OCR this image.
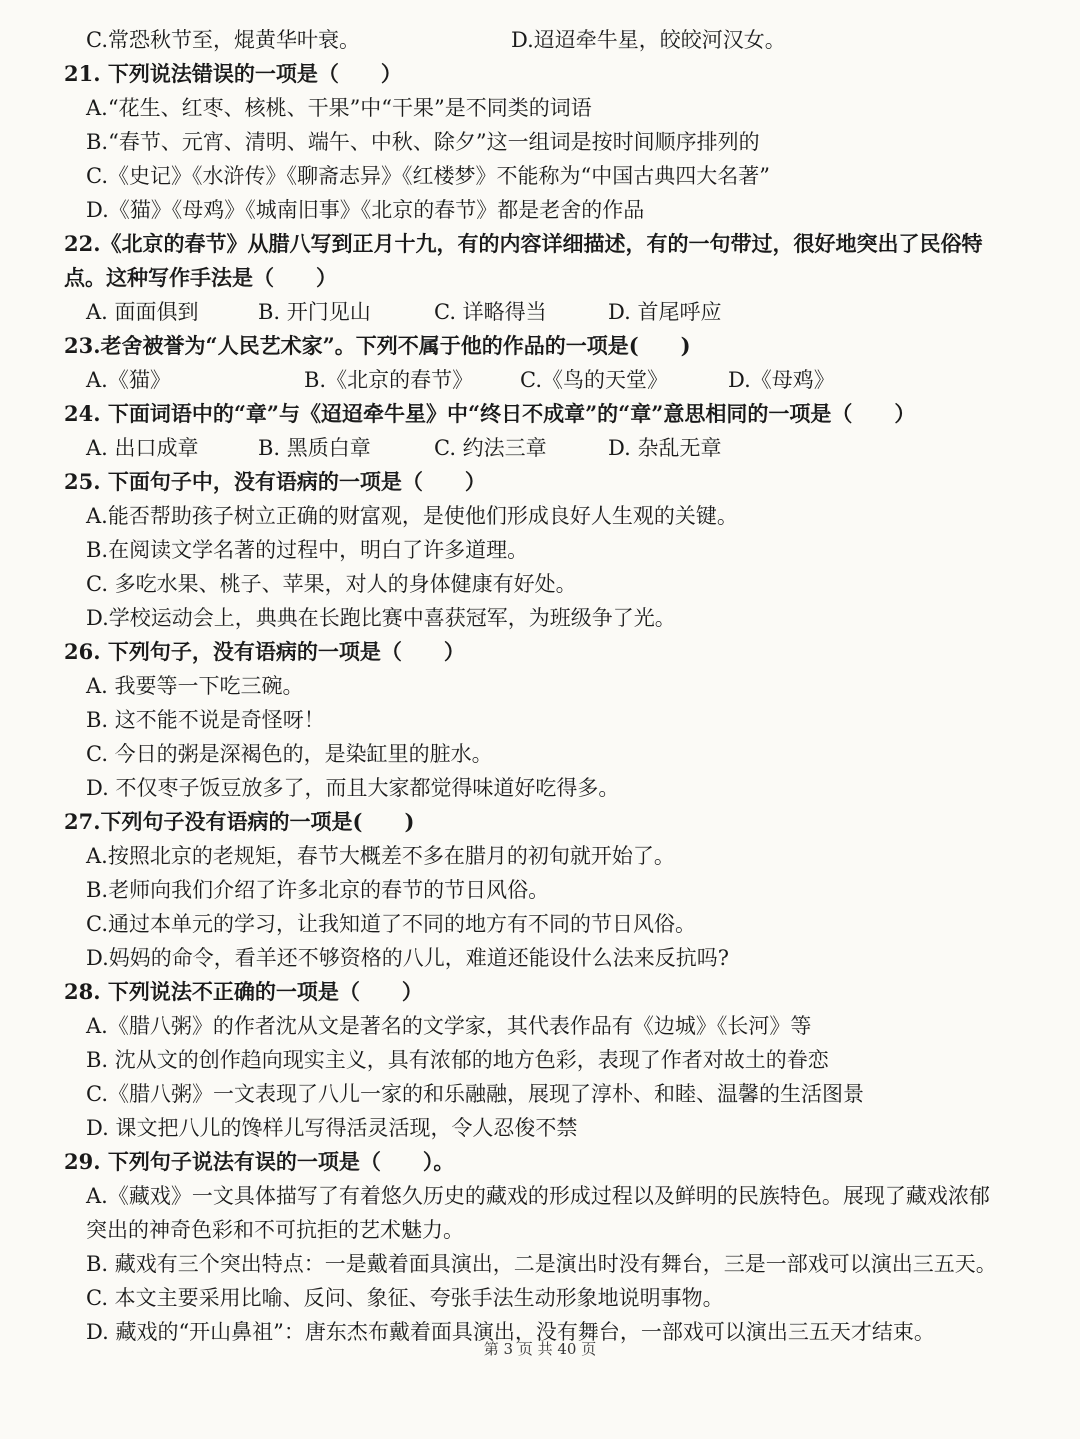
C.常恐秋节至，焜黄华叶衰。	D.迢迢牵牛星，皎皎河汉女。
21. 下列说法错误的一项是（　　）
A.“花生、红枣、核桃、干果”中“干果”是不同类的词语
B.“春节、元宵、清明、端午、中秋、除夕”这一组词是按时间顺序排列的
C.《史记》《水浒传》《聊斋志异》《红楼梦》不能称为“中国古典四大名著”
D.《猫》《母鸡》《城南旧事》《北京的春节》都是老舍的作品
22.《北京的春节》从腊八写到正月十九，有的内容详细描述，有的一句带过，很好地突出了民俗特
点。这种写作手法是（　　）
A. 面面俱到	B. 开门见山	C. 详略得当	D. 首尾呼应
23.老舍被誉为“人民艺术家”。下列不属于他的作品的一项是(　　)
A.《猫》	B.《北京的春节》 C.《鸟的天堂》	D.《母鸡》
24. 下面词语中的“章”与《迢迢牵牛星》中“终日不成章”的“章”意思相同的一项是（　　）
A. 出口成章	B. 黑质白章	C. 约法三章	D. 杂乱无章
25. 下面句子中，没有语病的一项是（　　）
A.能否帮助孩子树立正确的财富观，是使他们形成良好人生观的关键。
B.在阅读文学名著的过程中，明白了许多道理。
C. 多吃水果、桃子、苹果，对人的身体健康有好处。
D.学校运动会上，典典在长跑比赛中喜获冠军，为班级争了光。
26. 下列句子，没有语病的一项是（　　）
A. 我要等一下吃三碗。
B. 这不能不说是奇怪呀！
C. 今日的粥是深褐色的，是染缸里的脏水。
D. 不仅枣子饭豆放多了，而且大家都觉得味道好吃得多。
27.下列句子没有语病的一项是(　　)
A.按照北京的老规矩，春节大概差不多在腊月的初旬就开始了。
B.老师向我们介绍了许多北京的春节的节日风俗。
C.通过本单元的学习，让我知道了不同的地方有不同的节日风俗。
D.妈妈的命令，看羊还不够资格的八儿，难道还能设什么法来反抗吗?
28. 下列说法不正确的一项是（　　）
A.《腊八粥》的作者沈从文是著名的文学家，其代表作品有《边城》《长河》等
B. 沈从文的创作趋向现实主义，具有浓郁的地方色彩，表现了作者对故土的眷恋
C.《腊八粥》一文表现了八儿一家的和乐融融，展现了淳朴、和睦、温馨的生活图景
D. 课文把八儿的馋样儿写得活灵活现，令人忍俊不禁
29. 下列句子说法有误的一项是（　　）。
A.《藏戏》一文具体描写了有着悠久历史的藏戏的形成过程以及鲜明的民族特色。展现了藏戏浓郁
突出的神奇色彩和不可抗拒的艺术魅力。
B. 藏戏有三个突出特点：一是戴着面具演出，二是演出时没有舞台，三是一部戏可以演出三五天。
C. 本文主要采用比喻、反问、象征、夸张手法生动形象地说明事物。
D. 藏戏的“开山鼻祖”：唐东杰布戴着面具演出，没有舞台，一部戏可以演出三五天才结束。
第 3 页 共 40 页
